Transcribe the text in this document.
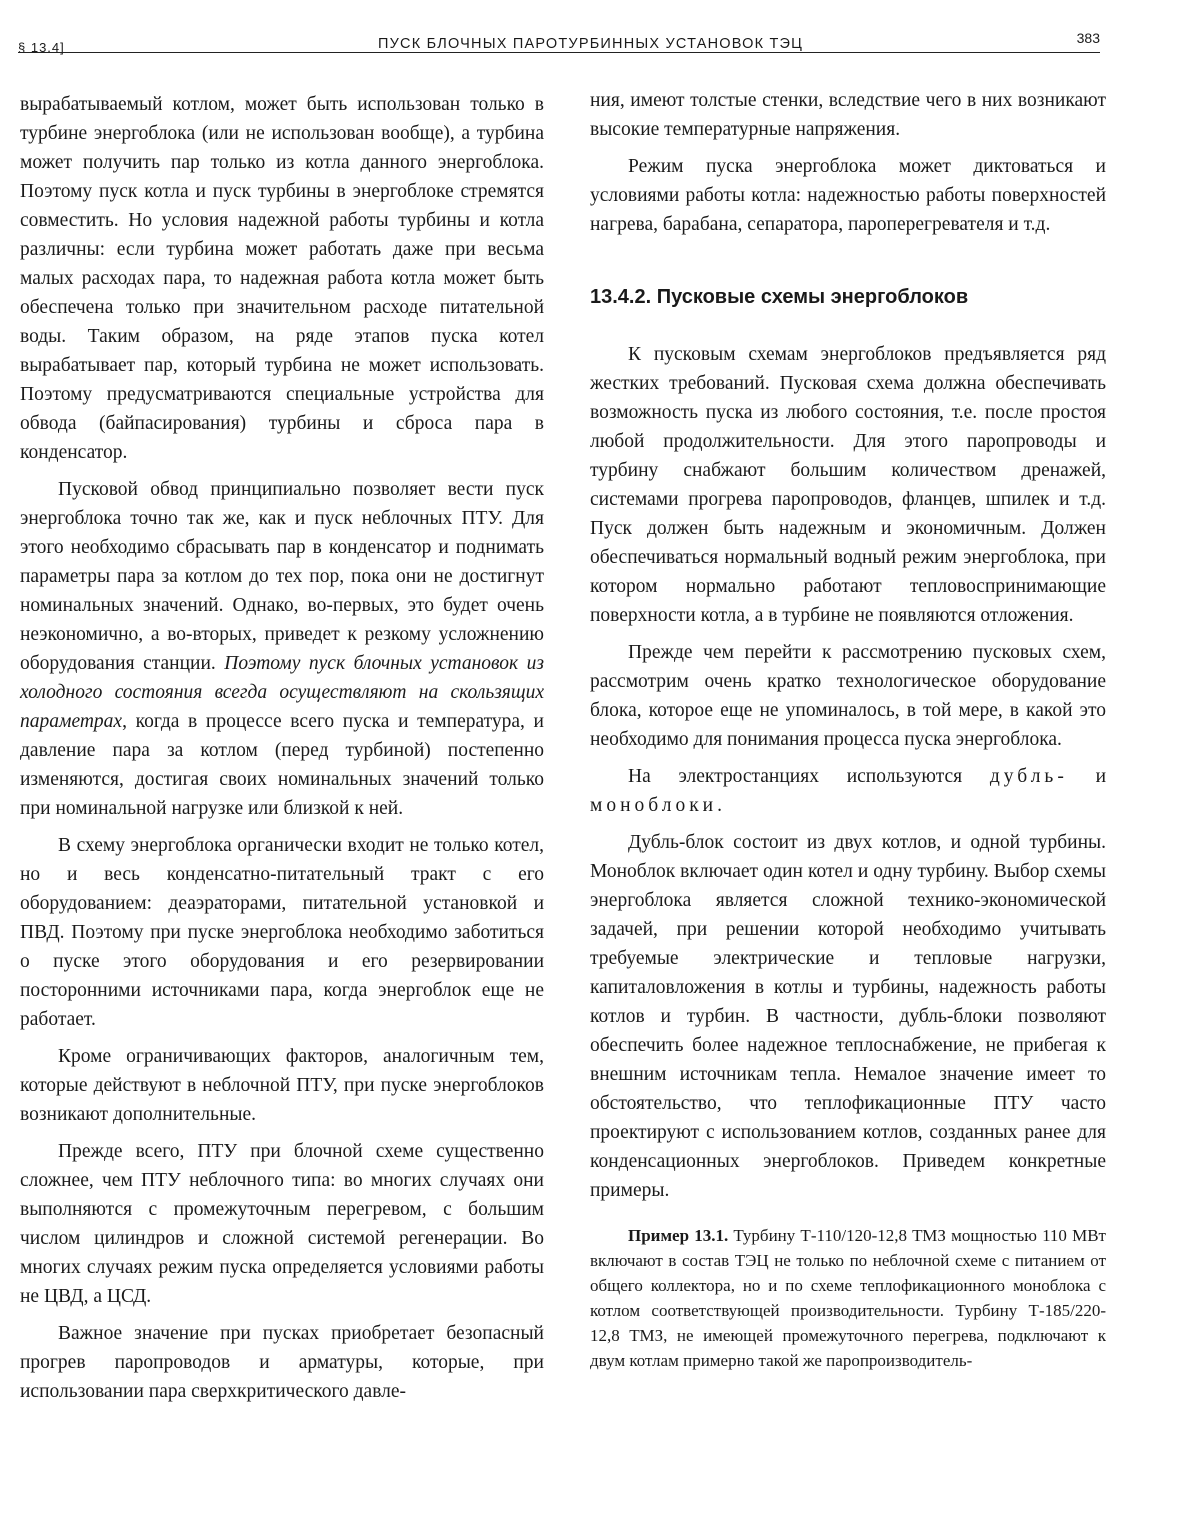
§ 13.4]	ПУСК БЛОЧНЫХ ПАРОТУРБИННЫХ УСТАНОВОК ТЭЦ	383

вырабатываемый котлом, может быть использован только в турбине энергоблока (или не использован вообще), а турбина может получить пар только из котла данного энергоблока. Поэтому пуск котла и пуск турбины в энергоблоке стремятся совместить. Но условия надежной работы турбины и котла различны: если турбина может работать даже при весьма малых расходах пара, то надежная работа котла может быть обеспечена только при значительном расходе питательной воды. Таким образом, на ряде этапов пуска котел вырабатывает пар, который турбина не может использовать. Поэтому предусматриваются специальные устройства для обвода (байпасирования) турбины и сброса пара в конденсатор.

Пусковой обвод принципиально позволяет вести пуск энергоблока точно так же, как и пуск неблочных ПТУ. Для этого необходимо сбрасывать пар в конденсатор и поднимать параметры пара за котлом до тех пор, пока они не достигнут номинальных значений. Однако, во-первых, это будет очень неэкономично, а во-вторых, приведет к резкому усложнению оборудования станции. Поэтому пуск блочных установок из холодного состояния всегда осуществляют на скользящих параметрах, когда в процессе всего пуска и температура, и давление пара за котлом (перед турбиной) постепенно изменяются, достигая своих номинальных значений только при номинальной нагрузке или близкой к ней.

В схему энергоблока органически входит не только котел, но и весь конденсатно-питательный тракт с его оборудованием: деаэраторами, питательной установкой и ПВД. Поэтому при пуске энергоблока необходимо заботиться о пуске этого оборудования и его резервировании посторонними источниками пара, когда энергоблок еще не работает.

Кроме ограничивающих факторов, аналогичным тем, которые действуют в неблочной ПТУ, при пуске энергоблоков возникают дополнительные.

Прежде всего, ПТУ при блочной схеме существенно сложнее, чем ПТУ неблочного типа: во многих случаях они выполняются с промежуточным перегревом, с большим числом цилиндров и сложной системой регенерации. Во многих случаях режим пуска определяется условиями работы не ЦВД, а ЦСД.

Важное значение при пусках приобретает безопасный прогрев паропроводов и арматуры, которые, при использовании пара сверхкритического давле-

ния, имеют толстые стенки, вследствие чего в них возникают высокие температурные напряжения.

Режим пуска энергоблока может диктоваться и условиями работы котла: надежностью работы поверхностей нагрева, барабана, сепаратора, пароперегревателя и т.д.

13.4.2. Пусковые схемы энергоблоков

К пусковым схемам энергоблоков предъявляется ряд жестких требований. Пусковая схема должна обеспечивать возможность пуска из любого состояния, т.е. после простоя любой продолжительности. Для этого паропроводы и турбину снабжают большим количеством дренажей, системами прогрева паропроводов, фланцев, шпилек и т.д. Пуск должен быть надежным и экономичным. Должен обеспечиваться нормальный водный режим энергоблока, при котором нормально работают тепловоспринимающие поверхности котла, а в турбине не появляются отложения.

Прежде чем перейти к рассмотрению пусковых схем, рассмотрим очень кратко технологическое оборудование блока, которое еще не упоминалось, в той мере, в какой это необходимо для понимания процесса пуска энергоблока.

На электростанциях используются дубль- и моноблоки.

Дубль-блок состоит из двух котлов, и одной турбины. Моноблок включает один котел и одну турбину. Выбор схемы энергоблока является сложной технико-экономической задачей, при решении которой необходимо учитывать требуемые электрические и тепловые нагрузки, капиталовложения в котлы и турбины, надежность работы котлов и турбин. В частности, дубль-блоки позволяют обеспечить более надежное теплоснабжение, не прибегая к внешним источникам тепла. Немалое значение имеет то обстоятельство, что теплофикационные ПТУ часто проектируют с использованием котлов, созданных ранее для конденсационных энергоблоков. Приведем конкретные примеры.

Пример 13.1. Турбину Т-110/120-12,8 ТМЗ мощностью 110 МВт включают в состав ТЭЦ не только по неблочной схеме с питанием от общего коллектора, но и по схеме теплофикационного моноблока с котлом соответствующей производительности. Турбину Т-185/220-12,8 ТМЗ, не имеющей промежуточного перегрева, подключают к двум котлам примерно такой же паропроизводитель-
